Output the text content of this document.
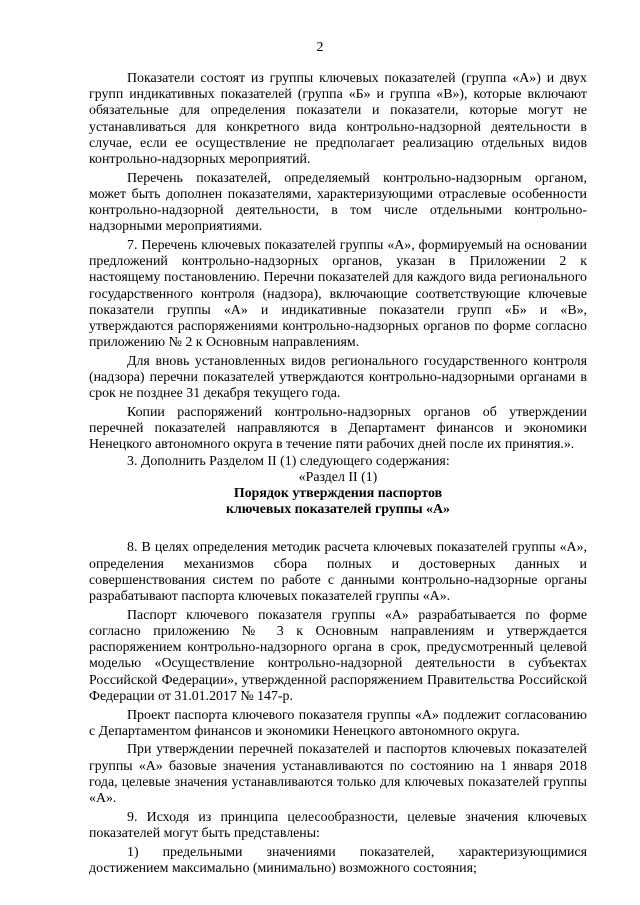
2

Показатели состоят из группы ключевых показателей (группа «А») и двух групп индикативных показателей (группа «Б» и группа «В»), которые включают обязательные для определения показатели и показатели, которые могут не устанавливаться для конкретного вида контрольно-надзорной деятельности в случае, если ее осуществление не предполагает реализацию отдельных видов контрольно-надзорных мероприятий.

Перечень показателей, определяемый контрольно-надзорным органом, может быть дополнен показателями, характеризующими отраслевые особенности контрольно-надзорной деятельности, в том числе отдельными контрольно-надзорными мероприятиями.

7. Перечень ключевых показателей группы «А», формируемый на основании предложений контрольно-надзорных органов, указан в Приложении 2 к настоящему постановлению. Перечни показателей для каждого вида регионального государственного контроля (надзора), включающие соответствующие ключевые показатели группы «А» и индикативные показатели групп «Б» и «В», утверждаются распоряжениями контрольно-надзорных органов по форме согласно приложению № 2 к Основным направлениям.

Для вновь установленных видов регионального государственного контроля (надзора) перечни показателей утверждаются контрольно-надзорными органами в срок не позднее 31 декабря текущего года.

Копии распоряжений контрольно-надзорных органов об утверждении перечней показателей направляются в Департамент финансов и экономики Ненецкого автономного округа в течение пяти рабочих дней после их принятия.».

3. Дополнить Разделом II (1) следующего содержания:

«Раздел II (1)

Порядок утверждения паспортов

ключевых показателей группы «А»

8. В целях определения методик расчета ключевых показателей группы «А», определения механизмов сбора полных и достоверных данных и совершенствования систем по работе с данными контрольно-надзорные органы разрабатывают паспорта ключевых показателей группы «А».

Паспорт ключевого показателя группы «А» разрабатывается по форме согласно приложению № 3 к Основным направлениям и утверждается распоряжением контрольно-надзорного органа в срок, предусмотренный целевой моделью «Осуществление контрольно-надзорной деятельности в субъектах Российской Федерации», утвержденной распоряжением Правительства Российской Федерации от 31.01.2017 № 147-р.

Проект паспорта ключевого показателя группы «А» подлежит согласованию с Департаментом финансов и экономики Ненецкого автономного округа.

При утверждении перечней показателей и паспортов ключевых показателей группы «А» базовые значения устанавливаются по состоянию на 1 января 2018 года, целевые значения устанавливаются только для ключевых показателей группы «А».

9. Исходя из принципа целесообразности, целевые значения ключевых показателей могут быть представлены:

1) предельными значениями показателей, характеризующимися достижением максимально (минимально) возможного состояния;
